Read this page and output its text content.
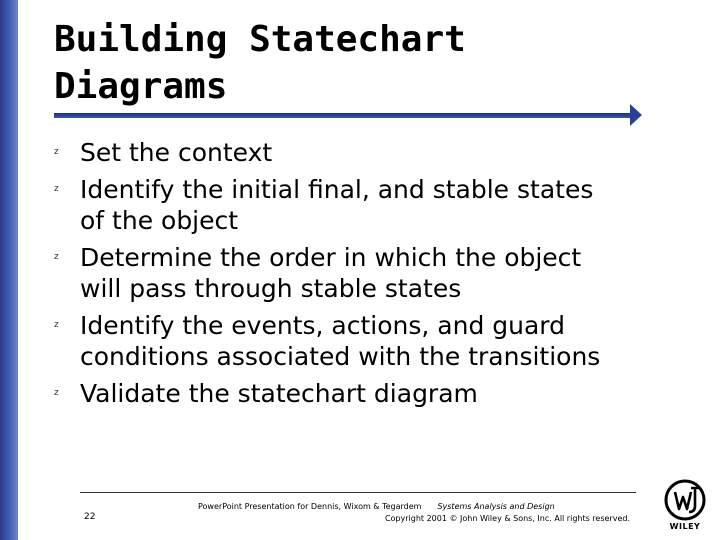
Building Statechart
Diagrams
z Set the context
z Identify the initial final, and stable states
of the object
z Determine the order in which the object
will pass through stable states
z Identify the events, actions, and guard
conditions associated with the transitions
z Validate the statechart diagram
22
PowerPoint Presentation for Dennis, Wixom & Tegardem Systems Analysis and Design
Copyright 2001 © John Wiley & Sons, Inc. All rights reserved.
WILEY
